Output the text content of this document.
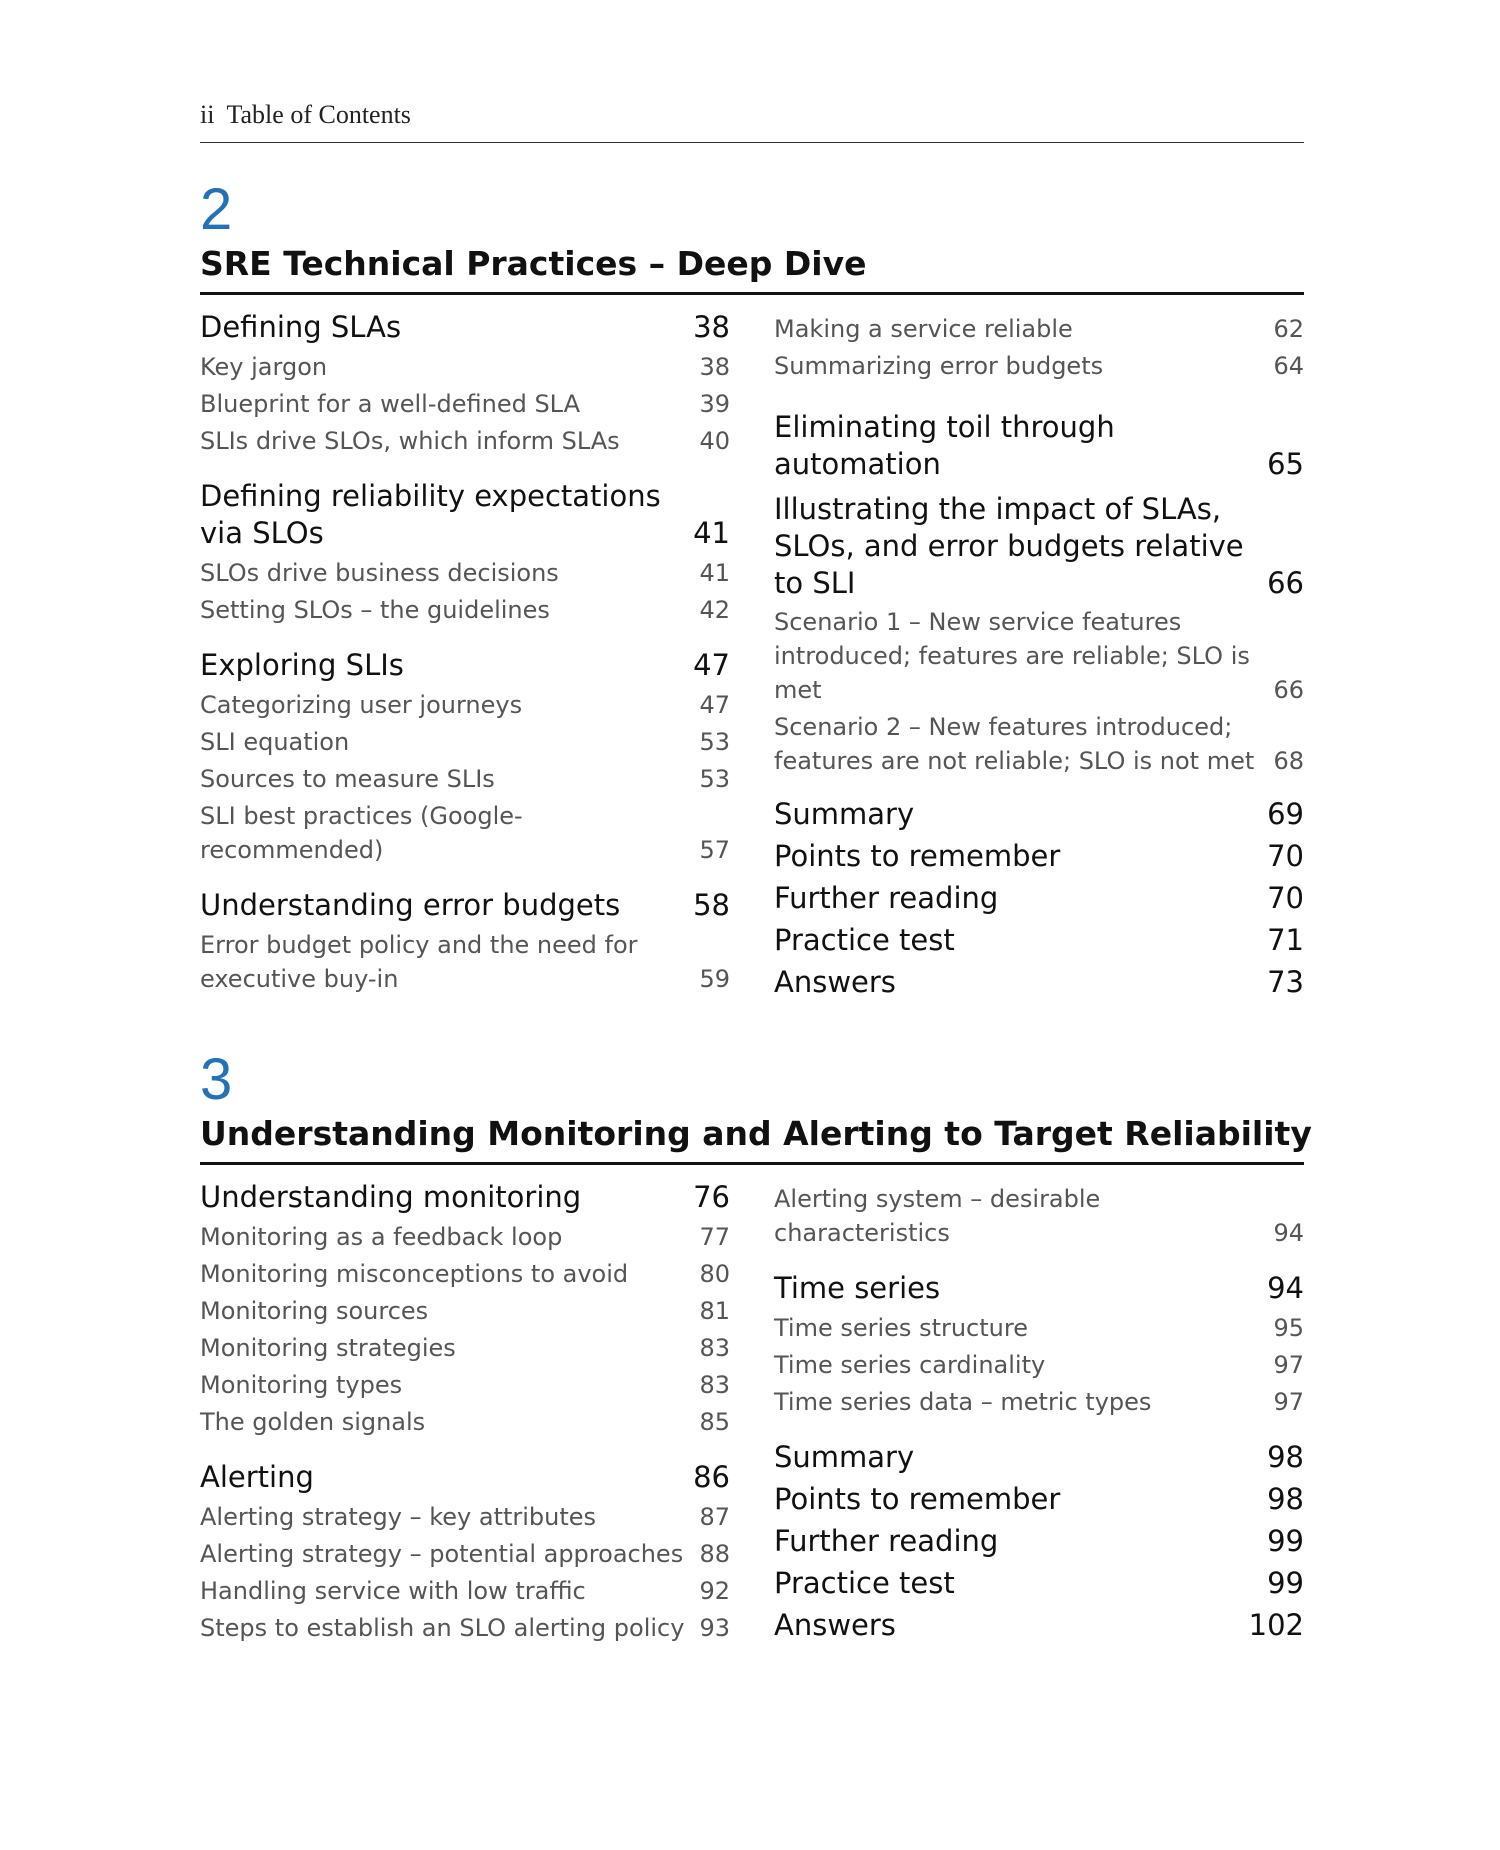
ii Table of Contents
2
SRE Technical Practices – Deep Dive
Defining SLAs	38
Key jargon	38
Blueprint for a well-defined SLA	39
SLIs drive SLOs, which inform SLAs	40
Defining reliability expectations via SLOs	41
SLOs drive business decisions	41
Setting SLOs – the guidelines	42
Exploring SLIs	47
Categorizing user journeys	47
SLI equation	53
Sources to measure SLIs	53
SLI best practices (Google-recommended)	57
Understanding error budgets	58
Error budget policy and the need for executive buy-in	59
Making a service reliable	62
Summarizing error budgets	64
Eliminating toil through automation	65
Illustrating the impact of SLAs, SLOs, and error budgets relative to SLI	66
Scenario 1 – New service features introduced; features are reliable; SLO is met	66
Scenario 2 – New features introduced; features are not reliable; SLO is not met 68
Summary	69
Points to remember	70
Further reading	70
Practice test	71
Answers	73
3
Understanding Monitoring and Alerting to Target Reliability
Understanding monitoring	76
Monitoring as a feedback loop	77
Monitoring misconceptions to avoid	80
Monitoring sources	81
Monitoring strategies	83
Monitoring types	83
The golden signals	85
Alerting	86
Alerting strategy – key attributes	87
Alerting strategy – potential approaches 88
Handling service with low traffic	92
Steps to establish an SLO alerting policy 93
Alerting system – desirable characteristics	94
Time series	94
Time series structure	95
Time series cardinality	97
Time series data – metric types	97
Summary	98
Points to remember	98
Further reading	99
Practice test	99
Answers	102
